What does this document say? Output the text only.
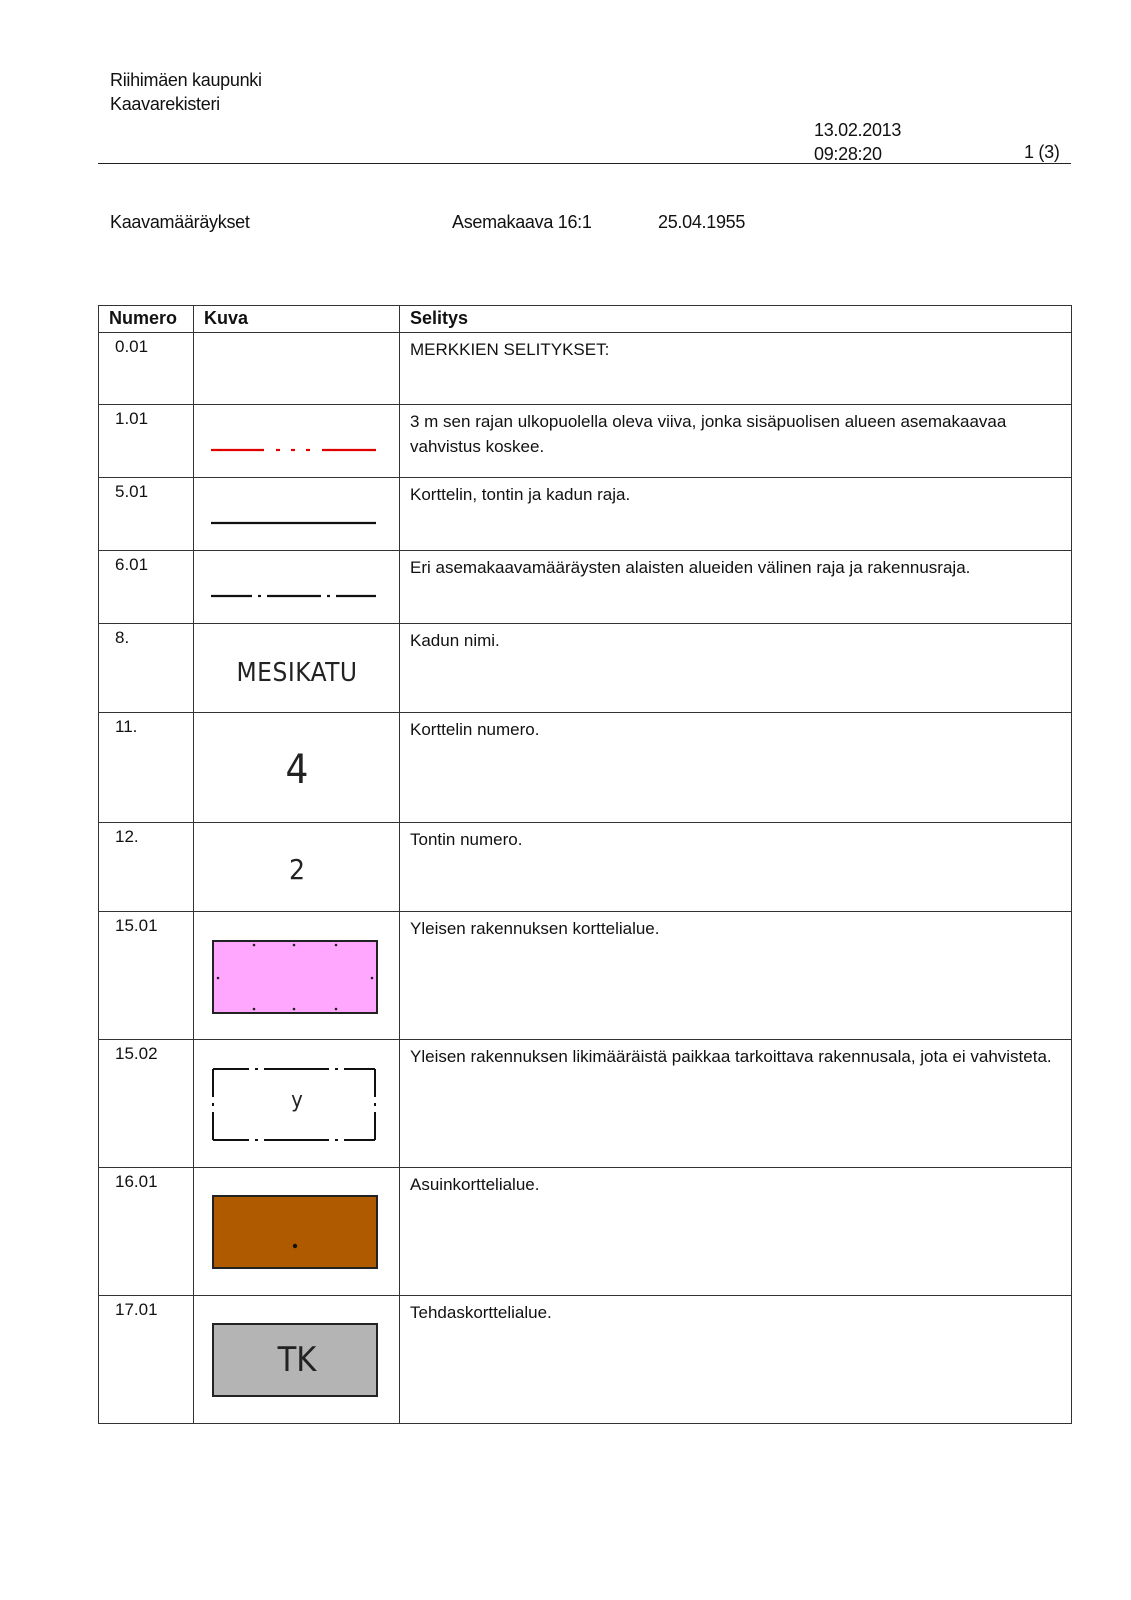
Riihimäen kaupunki
Kaavarekisteri
13.02.2013
09:28:20	1 (3)
Kaavamääräykset	Asemakaava 16:1	25.04.1955
Numero	Kuva	Selitys
0.01		MERKKIEN SELITYKSET:
1.01		3 m sen rajan ulkopuolella oleva viiva, jonka sisäpuolisen alueen asemakaavaa vahvistus koskee.
5.01		Korttelin, tontin ja kadun raja.
6.01		Eri asemakaavamääräysten alaisten alueiden välinen raja ja rakennusraja.
8.	MESIKATU	Kadun nimi.
11.	4	Korttelin numero.
12.	2	Tontin numero.
15.01		Yleisen rakennuksen korttelialue.
15.02	y	Yleisen rakennuksen likimääräistä paikkaa tarkoittava rakennusala, jota ei vahvisteta.
16.01		Asuinkorttelialue.
17.01	TK	Tehdaskorttelialue.
